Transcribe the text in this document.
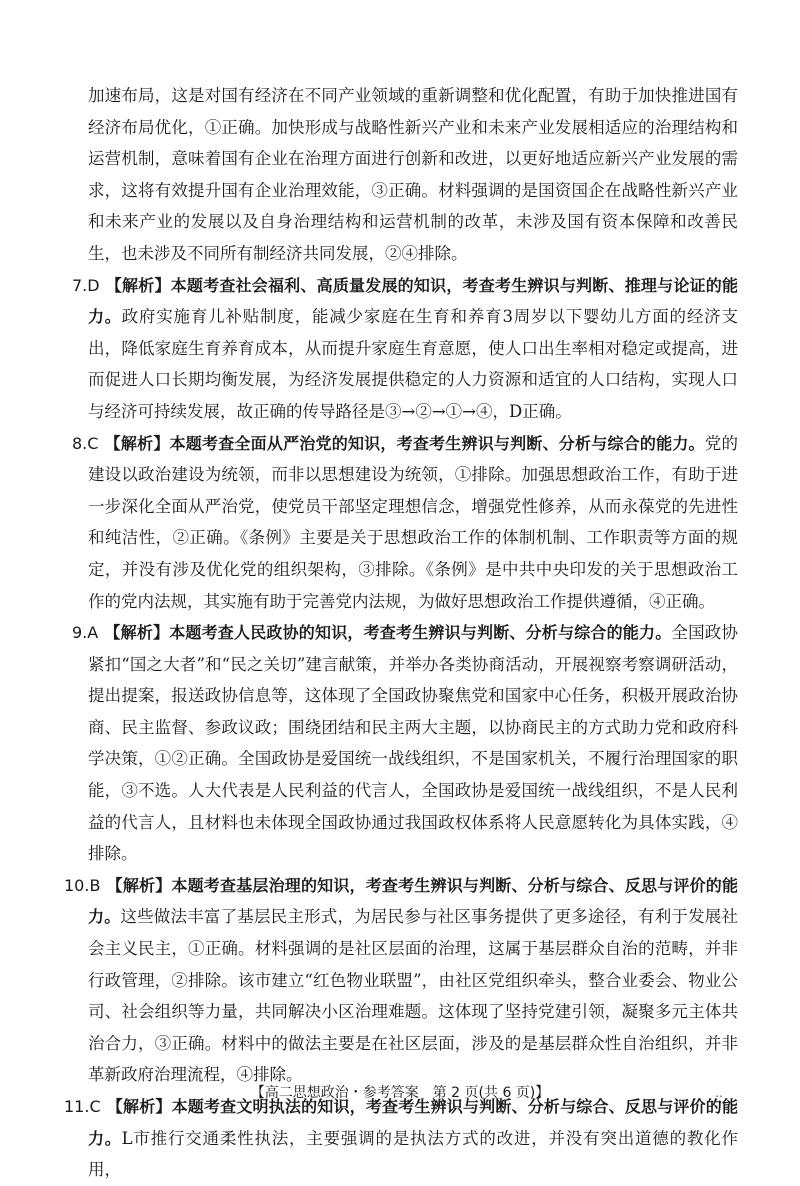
加速布局，这是对国有经济在不同产业领域的重新调整和优化配置，有助于加快推进国有经济布局优化，①正确。加快形成与战略性新兴产业和未来产业发展相适应的治理结构和运营机制，意味着国有企业在治理方面进行创新和改进，以更好地适应新兴产业发展的需求，这将有效提升国有企业治理效能，③正确。材料强调的是国资国企在战略性新兴产业和未来产业的发展以及自身治理结构和运营机制的改革，未涉及国有资本保障和改善民生，也未涉及不同所有制经济共同发展，②④排除。

7.D 【解析】本题考查社会福利、高质量发展的知识，考查考生辨识与判断、推理与论证的能力。政府实施育儿补贴制度，能减少家庭在生育和养育3周岁以下婴幼儿方面的经济支出，降低家庭生育养育成本，从而提升家庭生育意愿，使人口出生率相对稳定或提高，进而促进人口长期均衡发展，为经济发展提供稳定的人力资源和适宜的人口结构，实现人口与经济可持续发展，故正确的传导路径是③→②→①→④，D正确。

8.C 【解析】本题考查全面从严治党的知识，考查考生辨识与判断、分析与综合的能力。党的建设以政治建设为统领，而非以思想建设为统领，①排除。加强思想政治工作，有助于进一步深化全面从严治党，使党员干部坚定理想信念，增强党性修养，从而永葆党的先进性和纯洁性，②正确。《条例》主要是关于思想政治工作的体制机制、工作职责等方面的规定，并没有涉及优化党的组织架构，③排除。《条例》是中共中央印发的关于思想政治工作的党内法规，其实施有助于完善党内法规，为做好思想政治工作提供遵循，④正确。

9.A 【解析】本题考查人民政协的知识，考查考生辨识与判断、分析与综合的能力。全国政协紧扣“国之大者”和“民之关切”建言献策，并举办各类协商活动，开展视察考察调研活动，提出提案，报送政协信息等，这体现了全国政协聚焦党和国家中心任务，积极开展政治协商、民主监督、参政议政；围绕团结和民主两大主题，以协商民主的方式助力党和政府科学决策，①②正确。全国政协是爱国统一战线组织，不是国家机关，不履行治理国家的职能，③不选。人大代表是人民利益的代言人，全国政协是爱国统一战线组织，不是人民利益的代言人，且材料也未体现全国政协通过我国政权体系将人民意愿转化为具体实践，④排除。

10.B 【解析】本题考查基层治理的知识，考查考生辨识与判断、分析与综合、反思与评价的能力。这些做法丰富了基层民主形式，为居民参与社区事务提供了更多途径，有利于发展社会主义民主，①正确。材料强调的是社区层面的治理，这属于基层群众自治的范畴，并非行政管理，②排除。该市建立“红色物业联盟”，由社区党组织牵头，整合业委会、物业公司、社会组织等力量，共同解决小区治理难题。这体现了坚持党建引领，凝聚多元主体共治合力，③正确。材料中的做法主要是在社区层面，涉及的是基层群众性自治组织，并非革新政府治理流程，④排除。

11.C 【解析】本题考查文明执法的知识，考查考生辨识与判断、分析与综合、反思与评价的能力。L市推行交通柔性执法，主要强调的是执法方式的改进，并没有突出道德的教化作用，

【高二思想政治・参考答案　第 2 页(共 6 页)】	‥
